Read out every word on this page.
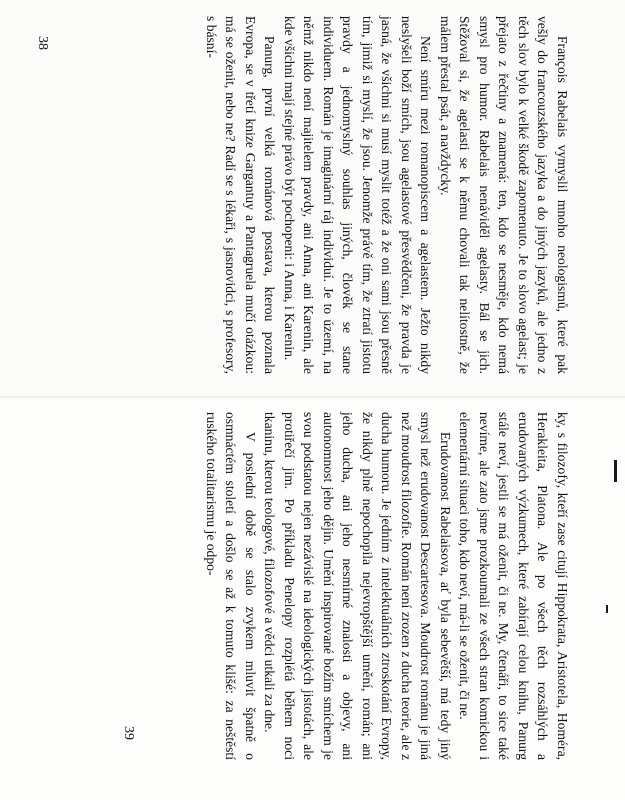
François Rabelais vymyslil mnoho neologismů, které pak vešly do francouzského jazyka a do jiných jazyků, ale jedno z těch slov bylo k velké škodě zapomenuto. Je to slovo agelast; je přejato z řečtiny a znamená: ten, kdo se nesměje, kdo nemá smysl pro humor. Rabelais nenáviděl agelasty. Bál se jich. Stěžoval si, že agelasti se k němu chovali tak nelítostně, že málem přestal psát, a navždycky.

Není smíru mezi romanopiscem a agelastem. Ježto nikdy neslyšeli boží smích, jsou agelastové přesvědčeni, že pravda je jasná, že všichni si musí myslit totéž a že oni sami jsou přesně tím, jimiž si myslí, že jsou. Jenomže právě tím, že ztratí jistotu pravdy a jednomyslný souhlas jiných, člověk se stane individuem. Román je imaginární ráj individuí. Je to území, na němž nikdo není majitelem pravdy, ani Anna, ani Karenin, ale kde všichni mají stejné právo být pochopeni: i Anna, i Karenin.

Panurg, první velká románová postava, kterou poznala Evropa, se v třetí knize Gargantuy a Pantagruela mučí otázkou: má se oženit, nebo ne? Radí se s lékaři, s jasnovidci, s profesory, s básní-

38

ky, s filozofy, kteří zase citují Hippokrata, Aristotela, Homéra, Herakleita, Platona. Ale po všech těch rozsáhlých a erudovaných výzkumech, které zabírají celou knihu, Panurg stále neví, jestli se má oženit, či ne. My, čtenáři, to sice také nevíme, ale zato jsme prozkoumali ze všech stran komickou i elementární situaci toho, kdo neví, má-li se oženit, či ne.

Erudovanost Rabelaisova, ať byla sebevětší, má tedy jiný smysl než erudovanost Descartesova. Moudrost románu je jiná než moudrost filozofie. Román není zrozen z ducha teorie, ale z ducha humoru. Je jedním z intelektuálních ztroskotání Evropy, že nikdy plně nepochopila nejevropštější umění, román; ani jeho ducha, ani jeho nesmírné znalosti a objevy, ani autonomnost jeho dějin. Umění inspirované božím smíchem je svou podstatou nejen nezávislé na ideologických jistotách, ale protiřečí jim. Po příkladu Penelopy rozplétá během noci tkaninu, kterou teologové, filozofové a vědci utkali za dne.

V poslední době se stalo zvykem mluvit špatně o osmnáctém století a došlo se až k tomuto klišé: za neštěstí ruského totalitarismu je odpo-

39
